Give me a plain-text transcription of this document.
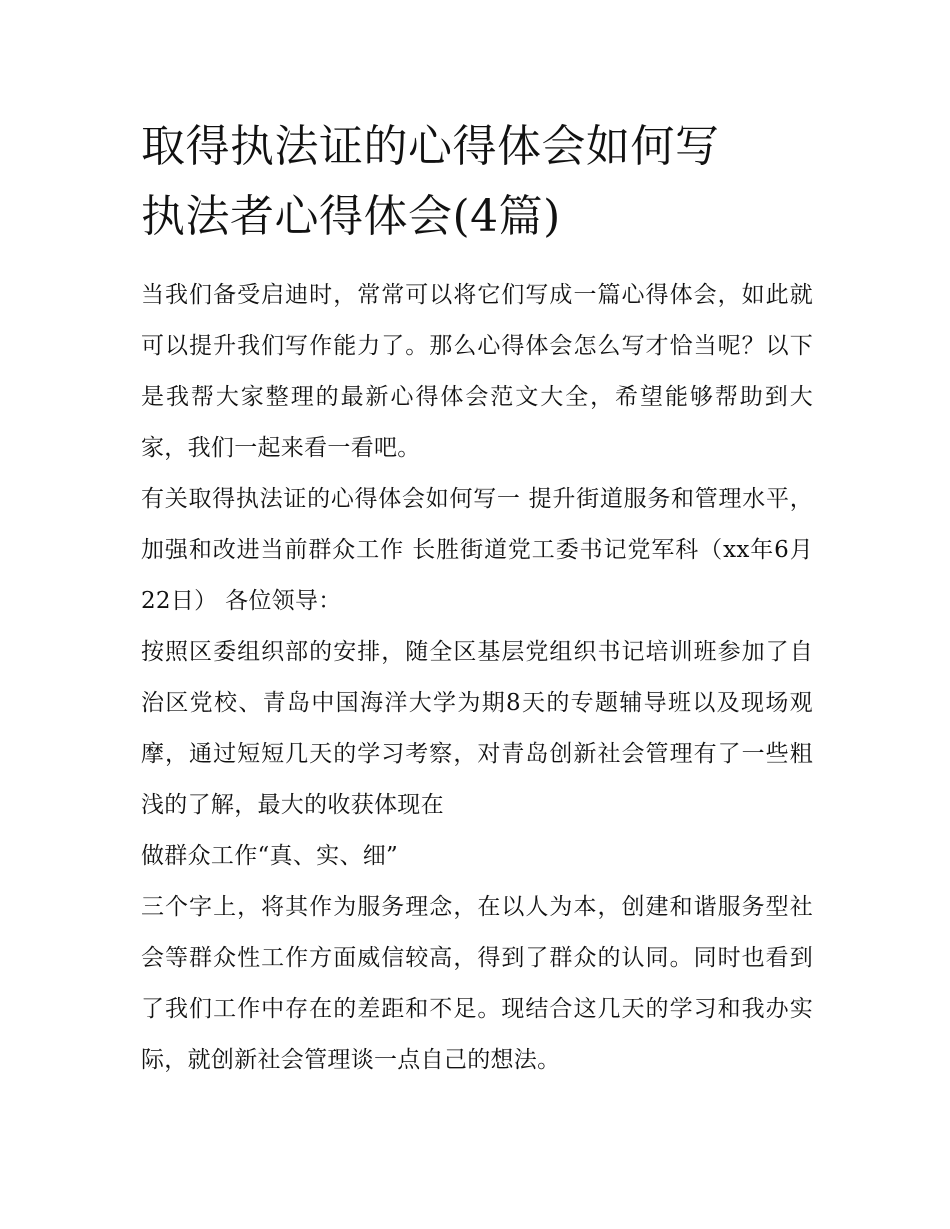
取得执法证的心得体会如何写
执法者心得体会(4篇)

当我们备受启迪时，常常可以将它们写成一篇心得体会，如此就可以提升我们写作能力了。那么心得体会怎么写才恰当呢？以下是我帮大家整理的最新心得体会范文大全，希望能够帮助到大家，我们一起来看一看吧。

有关取得执法证的心得体会如何写一 提升街道服务和管理水平，加强和改进当前群众工作 长胜街道党工委书记党军科（xx年6月22日） 各位领导：

按照区委组织部的安排，随全区基层党组织书记培训班参加了自治区党校、青岛中国海洋大学为期8天的专题辅导班以及现场观摩，通过短短几天的学习考察，对青岛创新社会管理有了一些粗浅的了解，最大的收获体现在

做群众工作“真、实、细”

三个字上，将其作为服务理念，在以人为本，创建和谐服务型社会等群众性工作方面威信较高，得到了群众的认同。同时也看到了我们工作中存在的差距和不足。现结合这几天的学习和我办实际，就创新社会管理谈一点自己的想法。
